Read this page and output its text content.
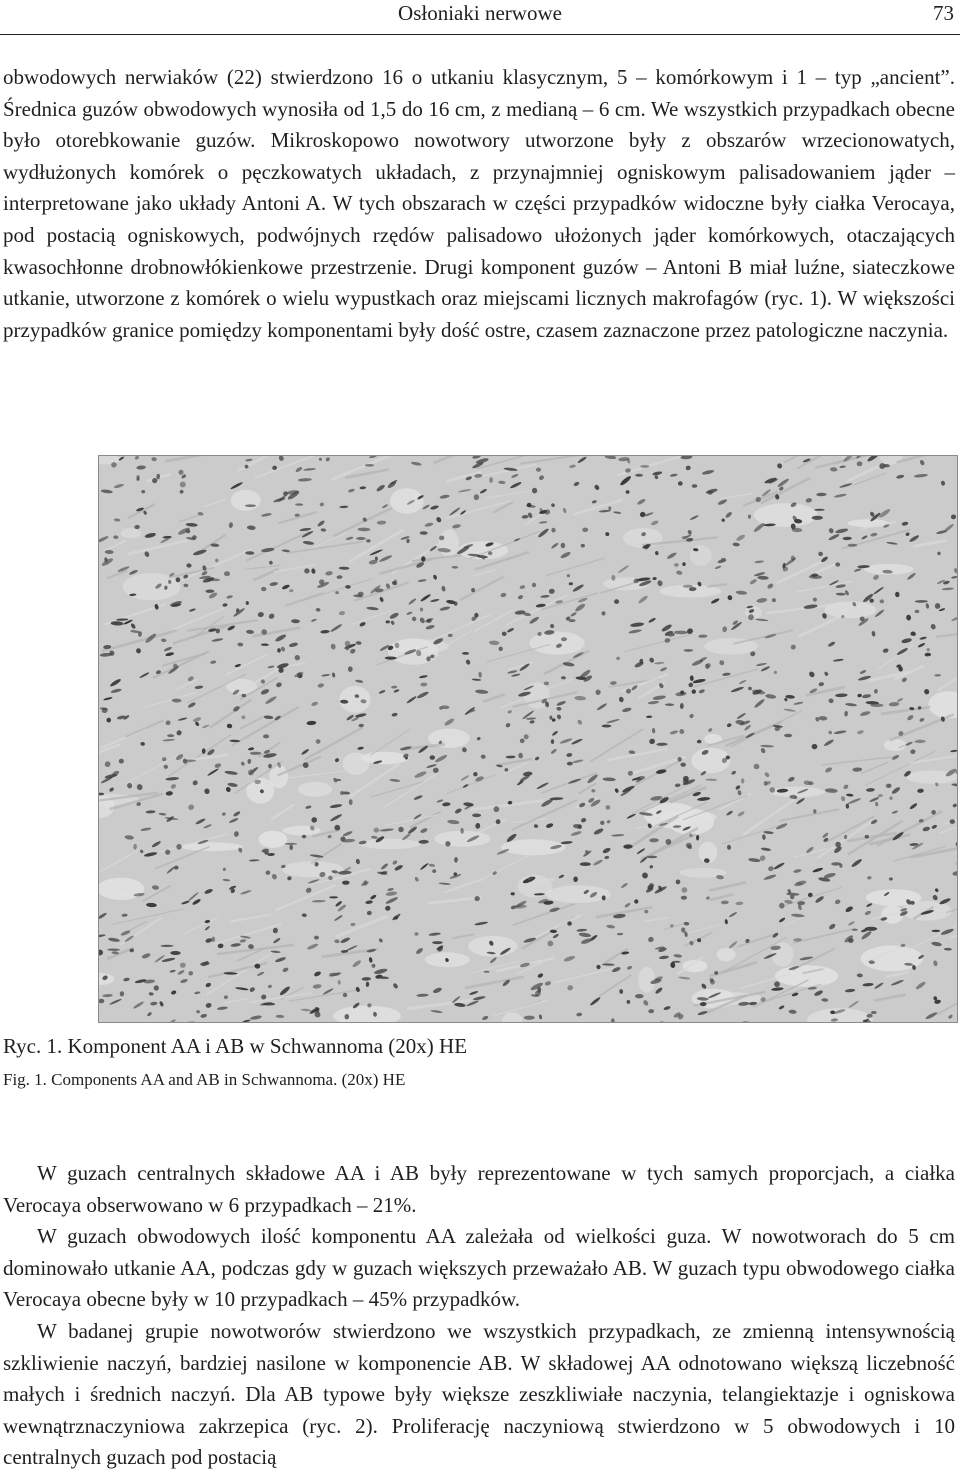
Osłoniaki nerwowe	73

obwodowych nerwiaków (22) stwierdzono 16 o utkaniu klasycznym, 5 – komórkowym i 1 – typ „ancient”. Średnica guzów obwodowych wynosiła od 1,5 do 16 cm, z medianą – 6 cm. We wszystkich przypadkach obecne było otorebkowanie guzów. Mikroskopowo nowotwory utworzone były z obszarów wrzecionowatych, wydłużonych komórek o pęczkowatych układach, z przynajmniej ogniskowym palisadowaniem jąder – interpretowane jako układy Antoni A. W tych obszarach w części przypadków widoczne były ciałka Verocaya, pod postacią ogniskowych, podwójnych rzędów palisadowo ułożonych jąder komórkowych, otaczających kwasochłonne drobnowłókienkowe przestrzenie. Drugi komponent guzów – Antoni B miał luźne, siateczkowe utkanie, utworzone z komórek o wielu wypustkach oraz miejscami licznych makrofagów (ryc. 1). W większości przypadków granice pomiędzy komponentami były dość ostre, czasem zaznaczone przez patologiczne naczynia.

Ryc. 1. Komponent AA i AB w Schwannoma (20x) HE

Fig. 1. Components AA and AB in Schwannoma. (20x) HE

W guzach centralnych składowe AA i AB były reprezentowane w tych samych proporcjach, a ciałka Verocaya obserwowano w 6 przypadkach – 21%.

W guzach obwodowych ilość komponentu AA zależała od wielkości guza. W nowotworach do 5 cm dominowało utkanie AA, podczas gdy w guzach większych przeważało AB. W guzach typu obwodowego ciałka Verocaya obecne były w 10 przypadkach – 45% przypadków.

W badanej grupie nowotworów stwierdzono we wszystkich przypadkach, ze zmienną intensywnością szkliwienie naczyń, bardziej nasilone w komponencie AB. W składowej AA odnotowano większą liczebność małych i średnich naczyń. Dla AB typowe były większe zeszkliwiałe naczynia, telangiektazje i ogniskowa wewnątrznaczyniowa zakrzepica (ryc. 2). Proliferację naczyniową stwierdzono w 5 obwodowych i 10 centralnych guzach pod postacią
